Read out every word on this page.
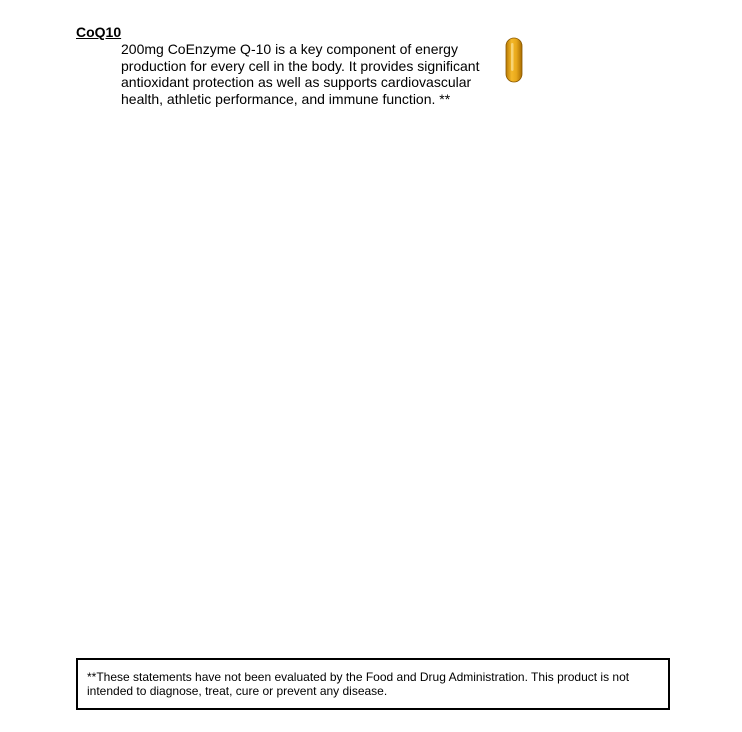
CoQ10
200mg CoEnzyme Q-10 is a key component of energy production for every cell in the body. It provides significant antioxidant protection as well as supports cardiovascular health, athletic performance, and immune function. **
**These statements have not been evaluated by the Food and Drug Administration. This product is not intended to diagnose, treat, cure or prevent any disease.
